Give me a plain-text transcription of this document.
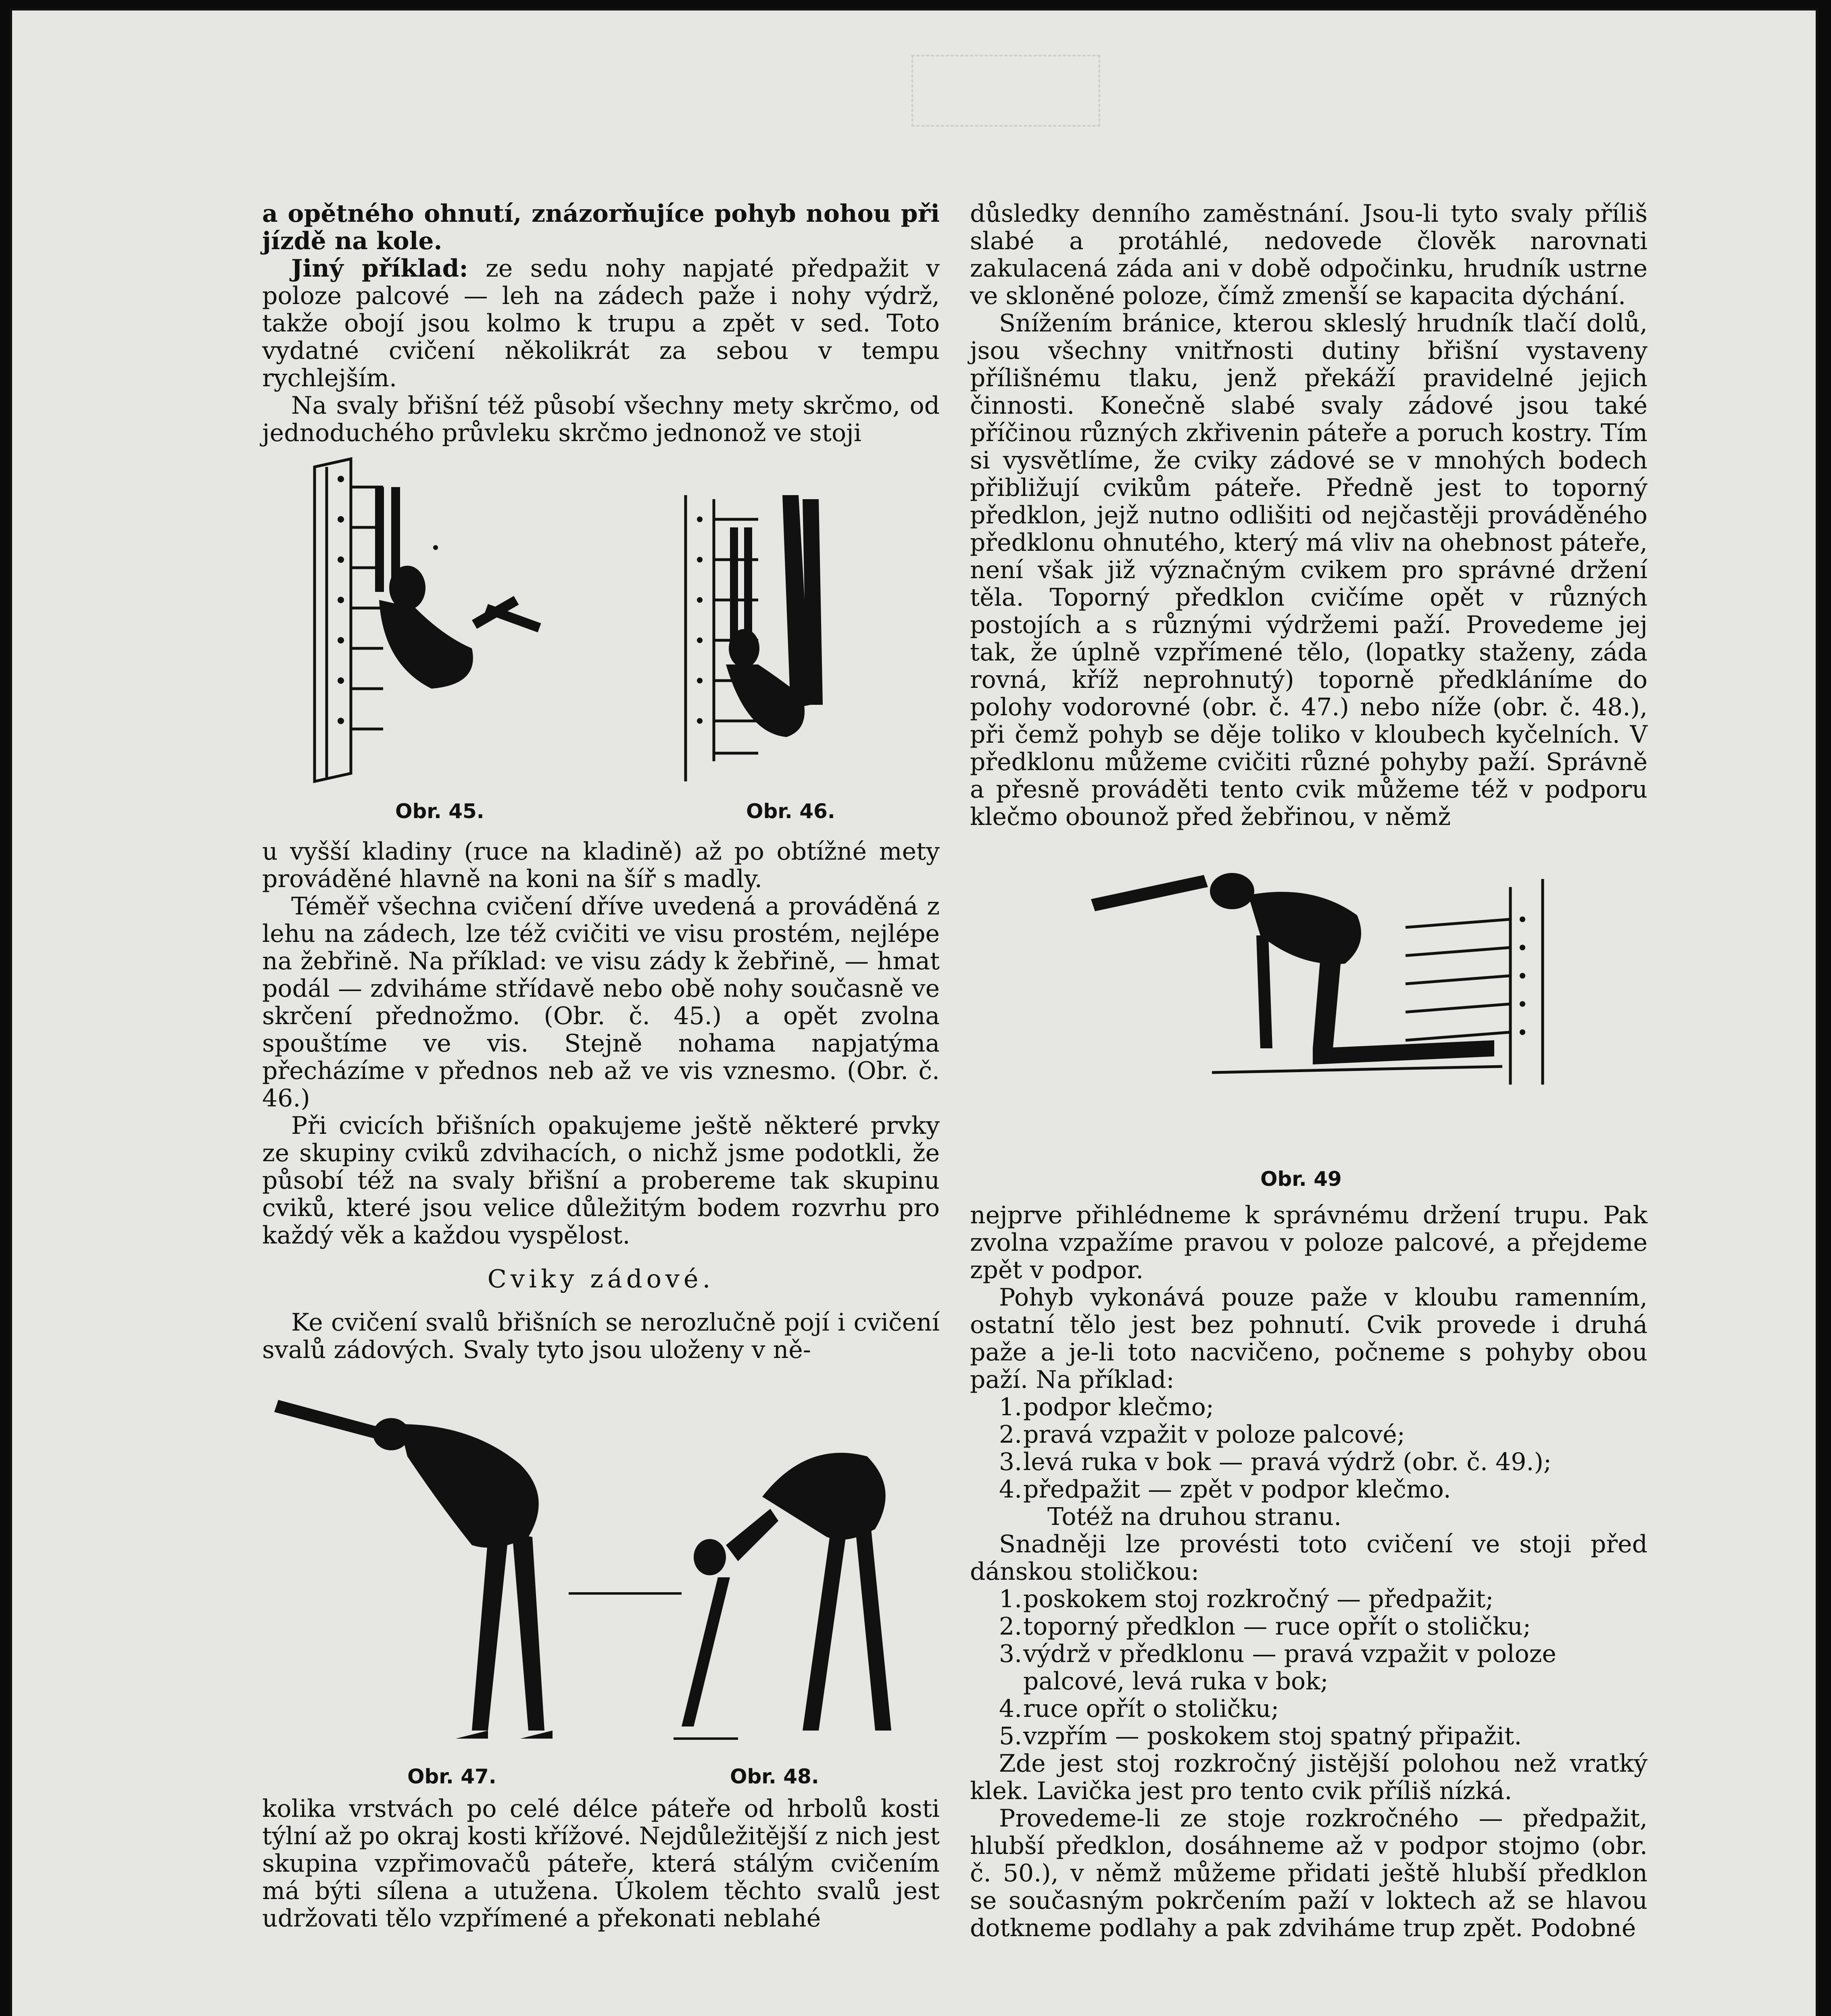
a opětného ohnutí, znázorňujíce pohyb nohou při jízdě na kole.

Jiný příklad: ze sedu nohy napjaté předpažit v poloze palcové — leh na zádech paže i nohy výdrž, takže obojí jsou kolmo k trupu a zpět v sed. Toto vydatné cvičení několikrát za sebou v tempu rychlejším.

Na svaly břišní též působí všechny mety skrčmo, od jednoduchého průvleku skrčmo jednonož ve stoji

Obr. 45.	Obr. 46.

u vyšší kladiny (ruce na kladině) až po obtížné mety prováděné hlavně na koni na šíř s madly.

Téměř všechna cvičení dříve uvedená a prováděná z lehu na zádech, lze též cvičiti ve visu prostém, nejlépe na žebřině. Na příklad: ve visu zády k žebřině, — hmat podál — zdviháme střídavě nebo obě nohy současně ve skrčení přednožmo. (Obr. č. 45.) a opět zvolna spouštíme ve vis. Stejně nohama napjatýma přecházíme v přednos neb až ve vis vznesmo. (Obr. č. 46.)

Při cvicích břišních opakujeme ještě některé prvky ze skupiny cviků zdvihacích, o nichž jsme podotkli, že působí též na svaly břišní a probereme tak skupinu cviků, které jsou velice důležitým bodem rozvrhu pro každý věk a každou vyspělost.

Cviky zádové.

Ke cvičení svalů břišních se nerozlučně pojí i cvičení svalů zádových. Svaly tyto jsou uloženy v ně-

Obr. 47.	Obr. 48.

kolika vrstvách po celé délce páteře od hrbolů kosti týlní až po okraj kosti křížové. Nejdůležitější z nich jest skupina vzpřimovačů páteře, která stálým cvičením má býti sílena a utužena. Úkolem těchto svalů jest udržovati tělo vzpřímené a překonati neblahé

důsledky denního zaměstnání. Jsou-li tyto svaly příliš slabé a protáhlé, nedovede člověk narovnati zakulacená záda ani v době odpočinku, hrudník ustrne ve skloněné poloze, čímž zmenší se kapacita dýchání.

Snížením bránice, kterou skleslý hrudník tlačí dolů, jsou všechny vnitřnosti dutiny břišní vystaveny přílišnému tlaku, jenž překáží pravidelné jejich činnosti. Konečně slabé svaly zádové jsou také příčinou různých zkřivenin páteře a poruch kostry. Tím si vysvětlíme, že cviky zádové se v mnohých bodech přibližují cvikům páteře. Předně jest to toporný předklon, jejž nutno odlišiti od nejčastěji prováděného předklonu ohnutého, který má vliv na ohebnost páteře, není však již význačným cvikem pro správné držení těla. Toporný předklon cvičíme opět v různých postojích a s různými výdržemi paží. Provedeme jej tak, že úplně vzpřímené tělo, (lopatky staženy, záda rovná, kříž neprohnutý) toporně předkláníme do polohy vodorovné (obr. č. 47.) nebo níže (obr. č. 48.), při čemž pohyb se děje toliko v kloubech kyčelních. V předklonu můžeme cvičiti různé pohyby paží. Správně a přesně prováděti tento cvik můžeme též v podporu klečmo obounož před žebřinou, v němž

Obr. 49

nejprve přihlédneme k správnému držení trupu. Pak zvolna vzpažíme pravou v poloze palcové, a přejdeme zpět v podpor.

Pohyb vykonává pouze paže v kloubu ramenním, ostatní tělo jest bez pohnutí. Cvik provede i druhá paže a je-li toto nacvičeno, počneme s pohyby obou paží. Na příklad:

1. podpor klečmo;
2. pravá vzpažit v poloze palcové;
3. levá ruka v bok — pravá výdrž (obr. č. 49.);
4. předpažit — zpět v podpor klečmo.
Totéž na druhou stranu.

Snadněji lze provésti toto cvičení ve stoji před dánskou stoličkou:

1. poskokem stoj rozkročný — předpažit;
2. toporný předklon — ruce opřít o stoličku;
3. výdrž v předklonu — pravá vzpažit v poloze palcové, levá ruka v bok;
4. ruce opřít o stoličku;
5. vzpřím — poskokem stoj spatný připažit.

Zde jest stoj rozkročný jistější polohou než vratký klek. Lavička jest pro tento cvik příliš nízká.

Provedeme-li ze stoje rozkročného — předpažit, hlubší předklon, dosáhneme až v podpor stojmo (obr. č. 50.), v němž můžeme přidati ještě hlubší předklon se současným pokrčením paží v loktech až se hlavou dotkneme podlahy a pak zdviháme trup zpět. Podobné
